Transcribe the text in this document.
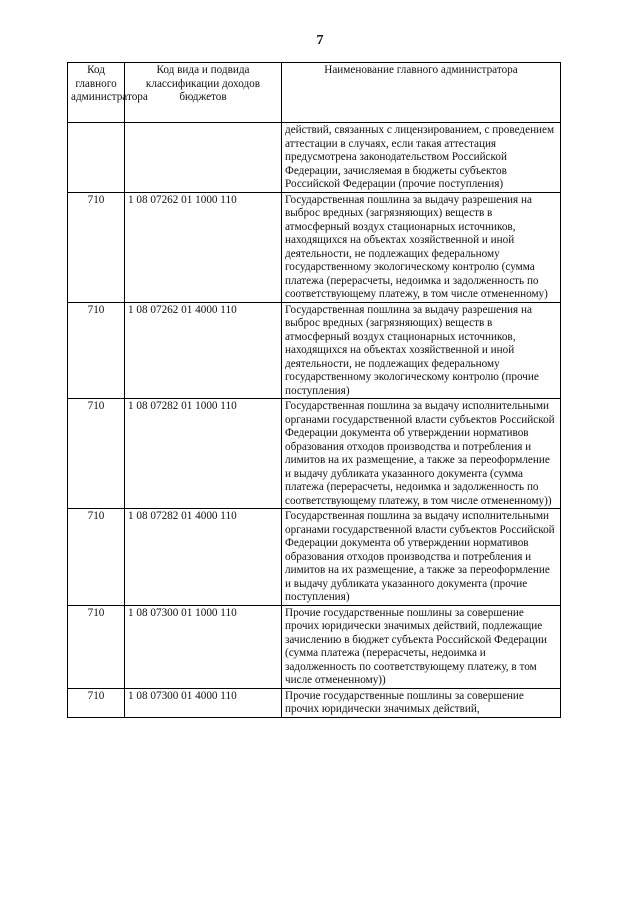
7
Код главного администратора	Код вида и подвида классификации доходов бюджетов	Наименование главного администратора

		действий, связанных с лицензированием, с проведением аттестации в случаях, если такая аттестация предусмотрена законодательством Российской Федерации, зачисляемая в бюджеты субъектов Российской Федерации (прочие поступления)
710	1 08 07262 01 1000 110	Государственная пошлина за выдачу разрешения на выброс вредных (загрязняющих) веществ в атмосферный воздух стационарных источников, находящихся на объектах хозяйственной и иной деятельности, не подлежащих федеральному государственному экологическому контролю (сумма платежа (перерасчеты, недоимка и задолженность по соответствующему платежу, в том числе отмененному)
710	1 08 07262 01 4000 110	Государственная пошлина за выдачу разрешения на выброс вредных (загрязняющих) веществ в атмосферный воздух стационарных источников, находящихся на объектах хозяйственной и иной деятельности, не подлежащих федеральному государственному экологическому контролю (прочие поступления)
710	1 08 07282 01 1000 110	Государственная пошлина за выдачу исполнительными органами государственной власти субъектов Российской Федерации документа об утверждении нормативов образования отходов производства и потребления и лимитов на их размещение, а также за переоформление и выдачу дубликата указанного документа (сумма платежа (перерасчеты, недоимка и задолженность по соответствующему платежу, в том числе отмененному))
710	1 08 07282 01 4000 110	Государственная пошлина за выдачу исполнительными органами государственной власти субъектов Российской Федерации документа об утверждении нормативов образования отходов производства и потребления и лимитов на их размещение, а также за переоформление и выдачу дубликата указанного документа (прочие поступления)
710	1 08 07300 01 1000 110	Прочие государственные пошлины за совершение прочих юридически значимых действий, подлежащие зачислению в бюджет субъекта Российской Федерации (сумма платежа (перерасчеты, недоимка и задолженность по соответствующему платежу, в том числе отмененному))
710	1 08 07300 01 4000 110	Прочие государственные пошлины за совершение прочих юридически значимых действий,
